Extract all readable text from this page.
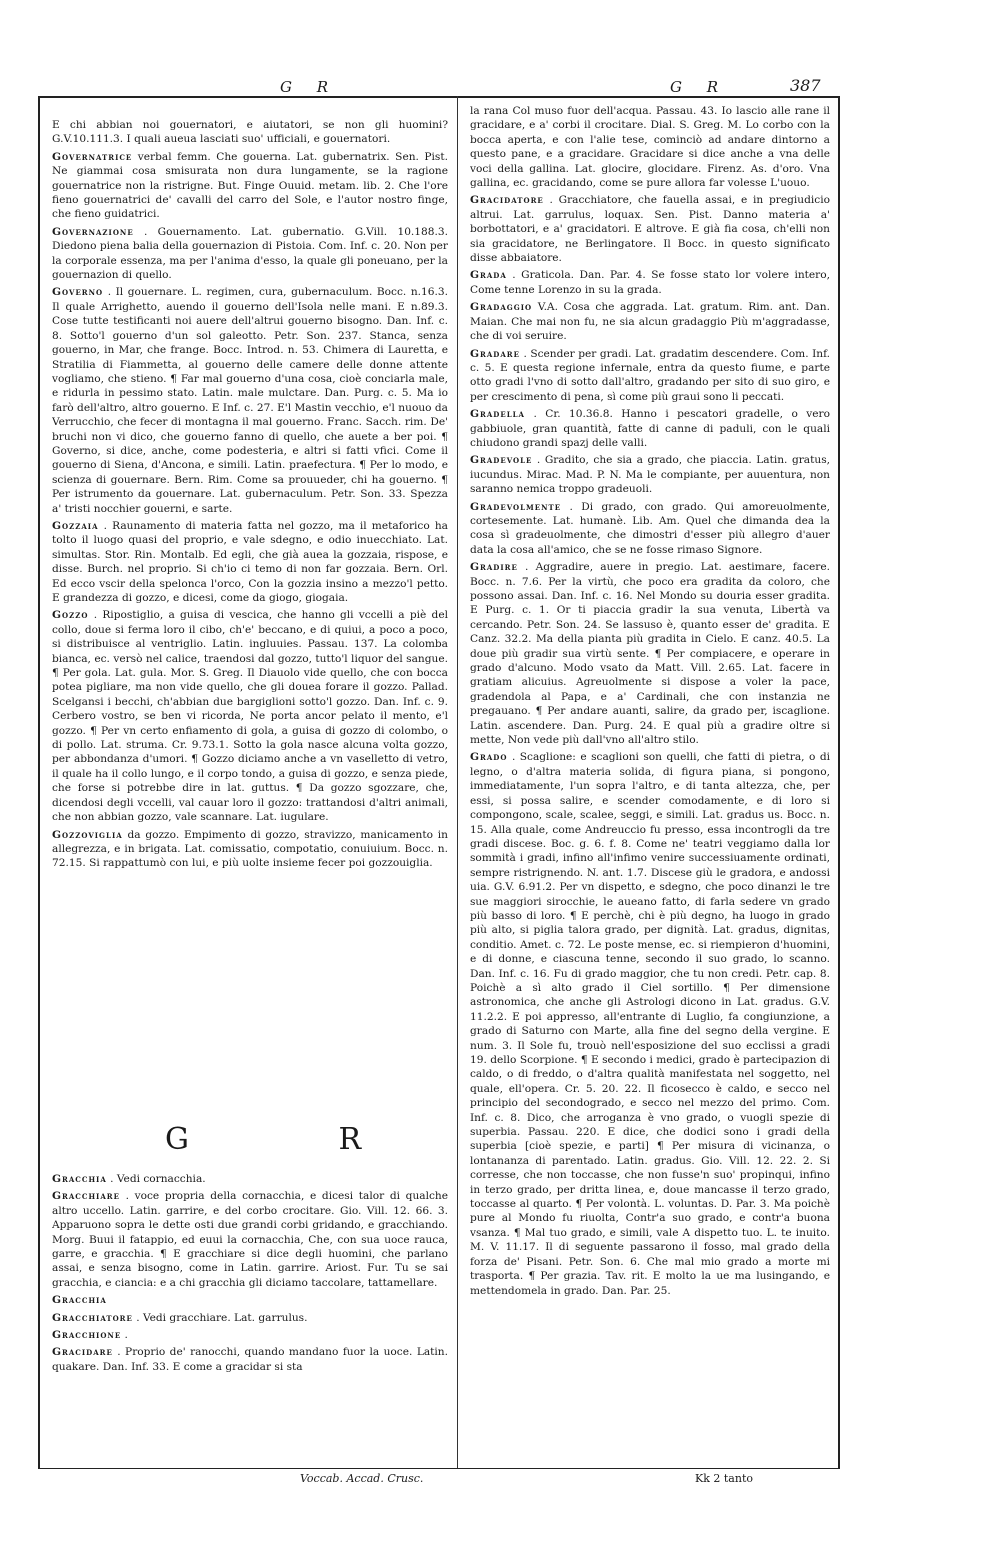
G R	G R	387

E chi abbian noi gouernatori, e aiutatori, se non gli huomini? G.V.10.111.3. I quali aueua lasciati suo' ufficiali, e gouernatori.

Governatrice verbal femm. Che gouerna. Lat. gubernatrix. Sen. Pist. Ne giammai cosa smisurata non dura lungamente, se la ragione gouernatrice non la ristrigne. But. Finge Ouuid. metam. lib. 2. Che l'ore fieno gouernatrici de' cavalli del carro del Sole, e l'autor nostro finge, che fieno guidatrici.

Governazione . Gouernamento. Lat. gubernatio. G.Vill. 10.188.3. Diedono piena balia della gouernazion di Pistoia. Com. Inf. c. 20. Non per la corporale essenza, ma per l'anima d'esso, la quale gli poneuano, per la gouernazion di quello.

Governo . Il gouernare. L. regimen, cura, gubernaculum. Bocc. n.16.3. Il quale Arrighetto, auendo il gouerno dell'Isola nelle mani. E n.89.3. Cose tutte testificanti noi auere dell'altrui gouerno bisogno. Dan. Inf. c. 8. Sotto'l gouerno d'un sol galeotto. Petr. Son. 237. Stanca, senza gouerno, in Mar, che frange. Bocc. Introd. n. 53. Chimera di Lauretta, e Stratilia di Fiammetta, al gouerno delle camere delle donne attente vogliamo, che stieno. ¶ Far mal gouerno d'una cosa, cioè conciarla male, e ridurla in pessimo stato. Latin. male mulctare. Dan. Purg. c. 5. Ma io farò dell'altro, altro gouerno. E Inf. c. 27. E'l Mastin vecchio, e'l nuouo da Verrucchio, che fecer di montagna il mal gouerno. Franc. Sacch. rim. De' bruchi non vi dico, che gouerno fanno di quello, che auete a ber poi. ¶ Governo, si dice, anche, come podesteria, e altri si fatti vfici. Come il gouerno di Siena, d'Ancona, e simili. Latin. praefectura. ¶ Per lo modo, e scienza di gouernare. Bern. Rim. Come sa prouueder, chi ha gouerno. ¶ Per istrumento da gouernare. Lat. gubernaculum. Petr. Son. 33. Spezza a' tristi nocchier gouerni, e sarte.

Gozzaia . Raunamento di materia fatta nel gozzo, ma il metaforico ha tolto il luogo quasi del proprio, e vale sdegno, e odio inuecchiato. Lat. simultas. Stor. Rin. Montalb. Ed egli, che già auea la gozzaia, rispose, e disse. Burch. nel proprio. Si ch'io ci temo di non far gozzaia. Bern. Orl. Ed ecco vscir della spelonca l'orco, Con la gozzia insino a mezzo'l petto. E grandezza di gozzo, e dicesi, come da giogo, giogaia.

Gozzo . Ripostiglio, a guisa di vescica, che hanno gli vccelli a piè del collo, doue si ferma loro il cibo, ch'e' beccano, e di quiui, a poco a poco, si distribuisce al ventriglio. Latin. ingluuies. Passau. 137. La colomba bianca, ec. versò nel calice, traendosi dal gozzo, tutto'l liquor del sangue. ¶ Per gola. Lat. gula. Mor. S. Greg. Il Diauolo vide quello, che con bocca potea pigliare, ma non vide quello, che gli douea forare il gozzo. Pallad. Scelgansi i becchi, ch'abbian due bargiglioni sotto'l gozzo. Dan. Inf. c. 9. Cerbero vostro, se ben vi ricorda, Ne porta ancor pelato il mento, e'l gozzo. ¶ Per vn certo enfiamento di gola, a guisa di gozzo di colombo, o di pollo. Lat. struma. Cr. 9.73.1. Sotto la gola nasce alcuna volta gozzo, per abbondanza d'umori. ¶ Gozzo diciamo anche a vn vaselletto di vetro, il quale ha il collo lungo, e il corpo tondo, a guisa di gozzo, e senza piede, che forse si potrebbe dire in lat. guttus. ¶ Da gozzo sgozzare, che, dicendosi degli vccelli, val cauar loro il gozzo: trattandosi d'altri animali, che non abbian gozzo, vale scannare. Lat. iugulare.

Gozzoviglia da gozzo. Empimento di gozzo, stravizzo, manicamento in allegrezza, e in brigata. Lat. comissatio, compotatio, conuiuium. Bocc. n. 72.15. Si rappattumò con lui, e più uolte insieme fecer poi gozzouiglia.

G R

Gracchia . Vedi cornacchia.

Gracchiare . voce propria della cornacchia, e dicesi talor di qualche altro uccello. Latin. garrire, e del corbo crocitare. Gio. Vill. 12. 66. 3. Apparuono sopra le dette osti due grandi corbi gridando, e gracchiando. Morg. Buui il fatappio, ed euui la cornacchia, Che, con sua uoce rauca, garre, e gracchia. ¶ E gracchiare si dice degli huomini, che parlano assai, e senza bisogno, come in Latin. garrire. Ariost. Fur. Tu se sai gracchia, e ciancia: e a chi gracchia gli diciamo taccolare, tattamellare.

Gracchia

Gracchiatore . Vedi gracchiare. Lat. garrulus.

Gracchione .

Gracidare . Proprio de' ranocchi, quando mandano fuor la uoce. Latin. quakare. Dan. Inf. 33. E come a gracidar si sta

la rana Col muso fuor dell'acqua. Passau. 43. Io lascio alle rane il gracidare, e a' corbi il crocitare. Dial. S. Greg. M. Lo corbo con la bocca aperta, e con l'alie tese, cominciò ad andare dintorno a questo pane, e a gracidare. Gracidare si dice anche a vna delle voci della gallina. Lat. glocire, glocidare. Firenz. As. d'oro. Vna gallina, ec. gracidando, come se pure allora far volesse L'uouo.

Gracidatore . Gracchiatore, che fauella assai, e in pregiudicio altrui. Lat. garrulus, loquax. Sen. Pist. Danno materia a' borbottatori, e a' gracidatori. E altrove. E già fia cosa, ch'elli non sia gracidatore, ne Berlingatore. Il Bocc. in questo significato disse abbaiatore.

Grada . Graticola. Dan. Par. 4. Se fosse stato lor volere intero, Come tenne Lorenzo in su la grada.

Gradaggio V.A. Cosa che aggrada. Lat. gratum. Rim. ant. Dan. Maian. Che mai non fu, ne sia alcun gradaggio Più m'aggradasse, che di voi seruire.

Gradare . Scender per gradi. Lat. gradatim descendere. Com. Inf. c. 5. E questa regione infernale, entra da questo fiume, e parte otto gradi l'vno di sotto dall'altro, gradando per sito di suo giro, e per crescimento di pena, sì come più graui sono li peccati.

Gradella . Cr. 10.36.8. Hanno i pescatori gradelle, o vero gabbiuole, gran quantità, fatte di canne di paduli, con le quali chiudono grandi spazj delle valli.

Gradevole . Gradito, che sia a grado, che piaccia. Latin. gratus, iucundus. Mirac. Mad. P. N. Ma le compiante, per auuentura, non saranno nemica troppo gradeuoli.

Gradevolmente . Di grado, con grado. Qui amoreuolmente, cortesemente. Lat. humanè. Lib. Am. Quel che dimanda dea la cosa sì gradeuolmente, che dimostri d'esser più allegro d'auer data la cosa all'amico, che se ne fosse rimaso Signore.

Gradire . Aggradire, auere in pregio. Lat. aestimare, facere. Bocc. n. 7.6. Per la virtù, che poco era gradita da coloro, che possono assai. Dan. Inf. c. 16. Nel Mondo su douria esser gradita. E Purg. c. 1. Or ti piaccia gradir la sua venuta, Libertà va cercando. Petr. Son. 24. Se lassuso è, quanto esser de' gradita. E Canz. 32.2. Ma della pianta più gradita in Cielo. E canz. 40.5. La doue più gradir sua virtù sente. ¶ Per compiacere, e operare in grado d'alcuno. Modo vsato da Matt. Vill. 2.65. Lat. facere in gratiam alicuius. Agreuolmente si dispose a voler la pace, gradendola al Papa, e a' Cardinali, che con instanzia ne pregauano. ¶ Per andare auanti, salire, da grado per, iscaglione. Latin. ascendere. Dan. Purg. 24. E qual più a gradire oltre si mette, Non vede più dall'vno all'altro stilo.

Grado . Scaglione: e scaglioni son quelli, che fatti di pietra, o di legno, o d'altra materia solida, di figura piana, si pongono, immediatamente, l'un sopra l'altro, e di tanta altezza, che, per essi, si possa salire, e scender comodamente, e di loro si compongono, scale, scalee, seggi, e simili. Lat. gradus us. Bocc. n. 15. Alla quale, come Andreuccio fu presso, essa incontrogli da tre gradi discese. Boc. g. 6. f. 8. Come ne' teatri veggiamo dalla lor sommità i gradi, infino all'infimo venire successiuamente ordinati, sempre ristrignendo. N. ant. 1.7. Discese giù le gradora, e andossi uia. G.V. 6.91.2. Per vn dispetto, e sdegno, che poco dinanzi le tre sue maggiori sirocchie, le aueano fatto, di farla sedere vn grado più basso di loro. ¶ E perchè, chi è più degno, ha luogo in grado più alto, si piglia talora grado, per dignità. Lat. gradus, dignitas, conditio. Amet. c. 72. Le poste mense, ec. si riempieron d'huomini, e di donne, e ciascuna tenne, secondo il suo grado, lo scanno. Dan. Inf. c. 16. Fu di grado maggior, che tu non credi. Petr. cap. 8. Poichè a sì alto grado il Ciel sortillo. ¶ Per dimensione astronomica, che anche gli Astrologi dicono in Lat. gradus. G.V. 11.2.2. E poi appresso, all'entrante di Luglio, fa congiunzione, a grado di Saturno con Marte, alla fine del segno della vergine. E num. 3. Il Sole fu, trouò nell'esposizione del suo ecclissi a gradi 19. dello Scorpione. ¶ E secondo i medici, grado è partecipazion di caldo, o di freddo, o d'altra qualità manifestata nel soggetto, nel quale, ell'opera. Cr. 5. 20. 22. Il ficosecco è caldo, e secco nel principio del secondogrado, e secco nel mezzo del primo. Com. Inf. c. 8. Dico, che arroganza è vno grado, o vuogli spezie di superbia. Passau. 220. E dice, che dodici sono i gradi della superbia [cioè spezie, e parti] ¶ Per misura di vicinanza, o lontananza di parentado. Latin. gradus. Gio. Vill. 12. 22. 2. Si corresse, che non toccasse, che non fusse'n suo' propinqui, infino in terzo grado, per dritta linea, e, doue mancasse il terzo grado, toccasse al quarto. ¶ Per volontà. L. voluntas. D. Par. 3. Ma poichè pure al Mondo fu riuolta, Contr'a suo grado, e contr'a buona vsanza. ¶ Mal tuo grado, e simili, vale A dispetto tuo. L. te inuito. M. V. 11.17. Il di seguente passarono il fosso, mal grado della forza de' Pisani. Petr. Son. 6. Che mal mio grado a morte mi trasporta. ¶ Per grazia. Tav. rit. E molto la ue ma lusingando, e mettendomela in grado. Dan. Par. 25.

Voccab. Accad. Crusc.	Kk 2 tanto
